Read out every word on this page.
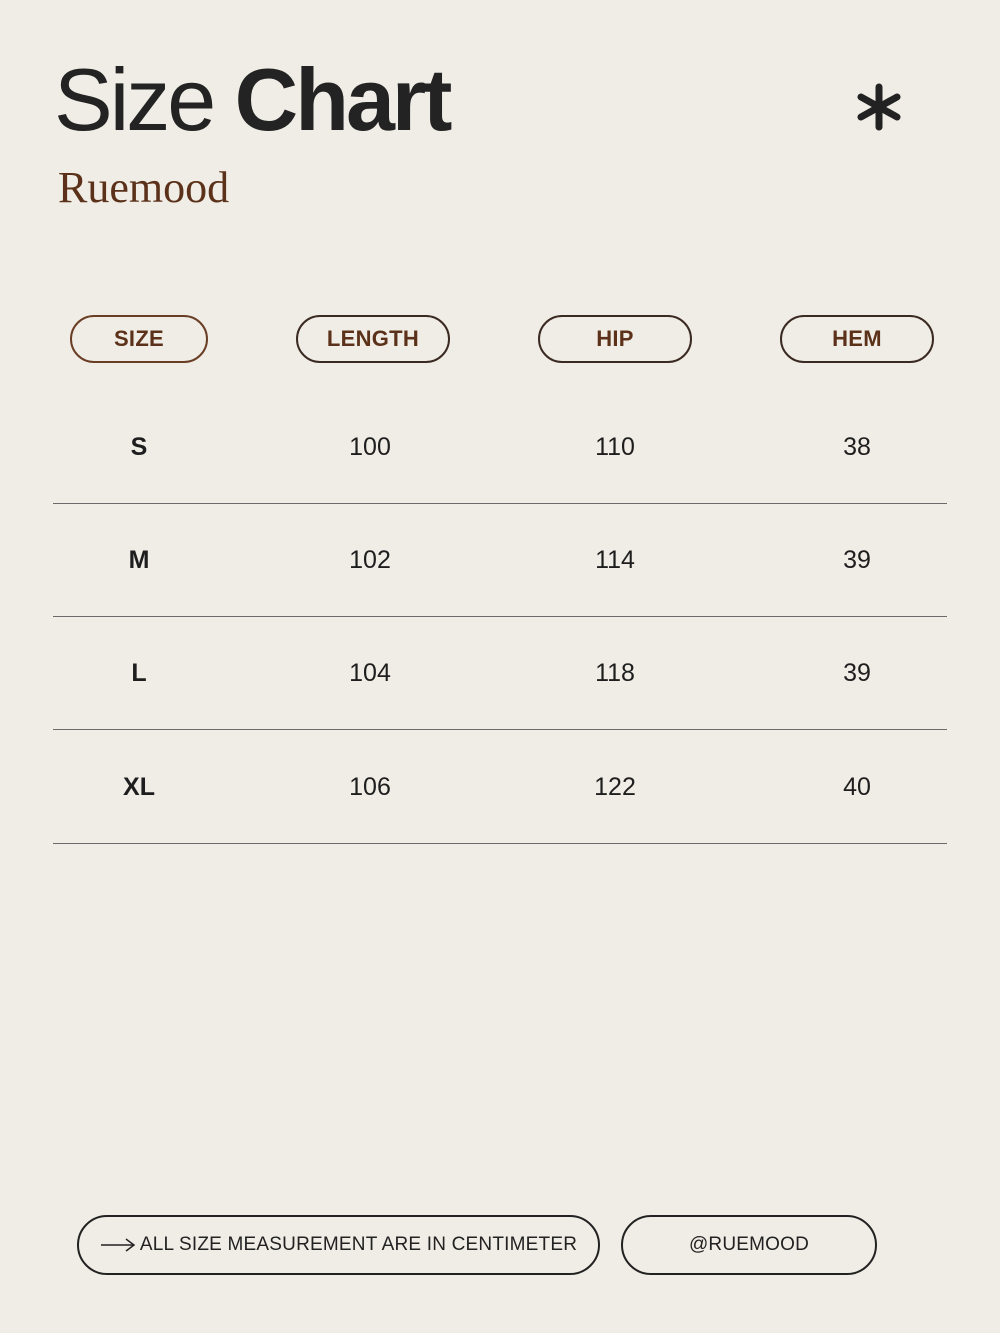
Size Chart
Ruemood
SIZE	LENGTH	HIP	HEM
S	100	110	38
M	102	114	39
L	104	118	39
XL	106	122	40
ALL SIZE MEASUREMENT ARE IN CENTIMETER	@RUEMOOD
